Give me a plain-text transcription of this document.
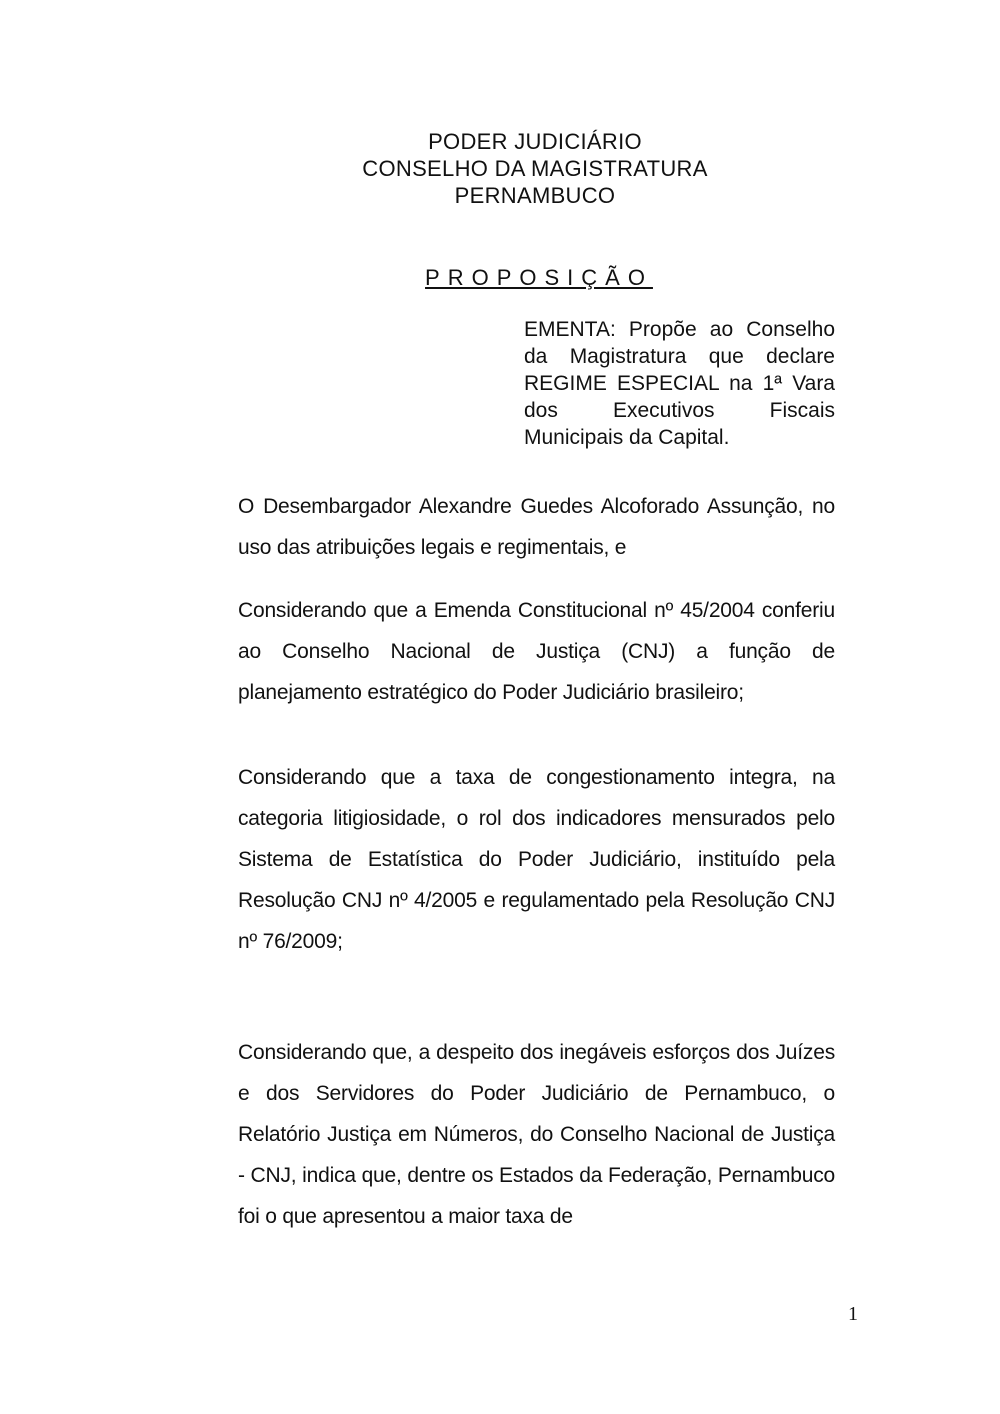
PODER JUDICIÁRIO
CONSELHO DA MAGISTRATURA
PERNAMBUCO
PROPOSIÇÃO
EMENTA: Propõe ao Conselho da Magistratura que declare REGIME ESPECIAL na 1ª Vara dos Executivos Fiscais Municipais da Capital.
O Desembargador Alexandre Guedes Alcoforado Assunção, no uso das atribuições legais e regimentais, e
Considerando que a Emenda Constitucional nº 45/2004 conferiu ao Conselho Nacional de Justiça (CNJ) a função de planejamento estratégico do Poder Judiciário brasileiro;
Considerando que a taxa de congestionamento integra, na categoria litigiosidade, o rol dos indicadores mensurados pelo Sistema de Estatística do Poder Judiciário, instituído pela Resolução CNJ nº 4/2005 e regulamentado pela Resolução CNJ nº 76/2009;
Considerando que, a despeito dos inegáveis esforços dos Juízes e dos Servidores do Poder Judiciário de Pernambuco, o Relatório Justiça em Números, do Conselho Nacional de Justiça - CNJ, indica que, dentre os Estados da Federação, Pernambuco foi o que apresentou a maior taxa de
1
